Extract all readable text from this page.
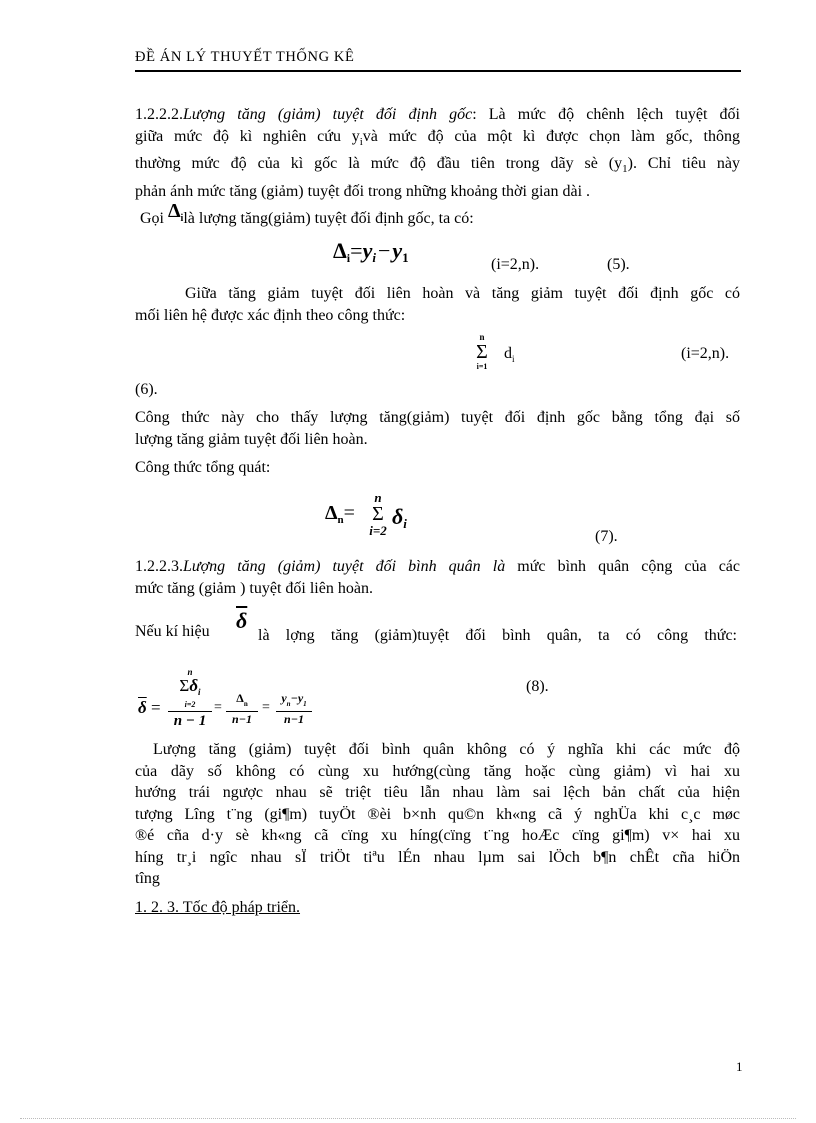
ĐỀ ÁN LÝ THUYẾT THỐNG KÊ
1.2.2.2.Lượng tăng (giảm) tuyệt đối định gốc: Là mức độ chênh lệch tuyệt đối
giữa mức độ kì nghiên cứu $y_ivà$ mức độ của một kì được chọn làm gốc, thông
thường mức độ của kì gốc là mức độ đầu tiên trong dãy sè $(y_1)$. Chỉ tiêu này
phản ánh mức tăng (giảm) tuyệt đối trong những khoảng thời gian dài .
Gọi $\Delta_ilà$ lượng tăng(giảm) tuyệt đối định gốc, ta có:
$\Delta_i=y_i-y_1$	(i=2,n).	(5).
Giữa tăng giảm tuyệt đối liên hoàn và tăng giảm tuyệt đối định gốc có
mối liên hệ được xác định theo công thức:
n
Σ
i=1
$d_i$	(i=2,n).
(6).
Công thức này cho thấy lượng tăng(giảm) tuyệt đối định gốc bằng tổng đại số
lượng tăng giảm tuyệt đối liên hoàn.
Công thức tổng quát:
$\Delta_n=$
n
Σ
i=2
$\delta_i$
(7).
1.2.2.3.Lượng tăng (giảm) tuyệt đối bình quân là mức bình quân cộng của các
mức tăng (giảm ) tuyệt đối liên hoàn.
Nếu kí hiệu $\overline{\delta}$
là lợng tăng (giảm)tuyệt đối bình quân, ta có công thức:
$\overline{\delta}$ =
n
$\Sigma\delta_i$
i=2
n − 1
=
$\Delta_n$
n−1
=
$y_n-y_1$
n−1
(8).
Lượng tăng (giảm) tuyệt đối bình quân không có ý nghĩa khi các mức độ
của dãy số không có cùng xu hướng(cùng tăng hoặc cùng giảm) vì hai xu
hướng trái ngược nhau sẽ triệt tiêu lẫn nhau làm sai lệch bản chất của hiện
tượng Lîng t¨ng (gi¶m) tuyÖt ®èi b×nh qu©n kh«ng cã ý nghÜa khi c¸c møc
®é cña d·y sè kh«ng cã cïng xu híng(cïng t¨ng hoÆc cïng gi¶m) v× hai xu
híng tr¸i ngîc nhau sÏ triÖt tiªu lÉn nhau lµm sai lÖch b¶n chÊt cña hiÖn
tîng
1. 2. 3. Tốc độ pháp triển.
1
